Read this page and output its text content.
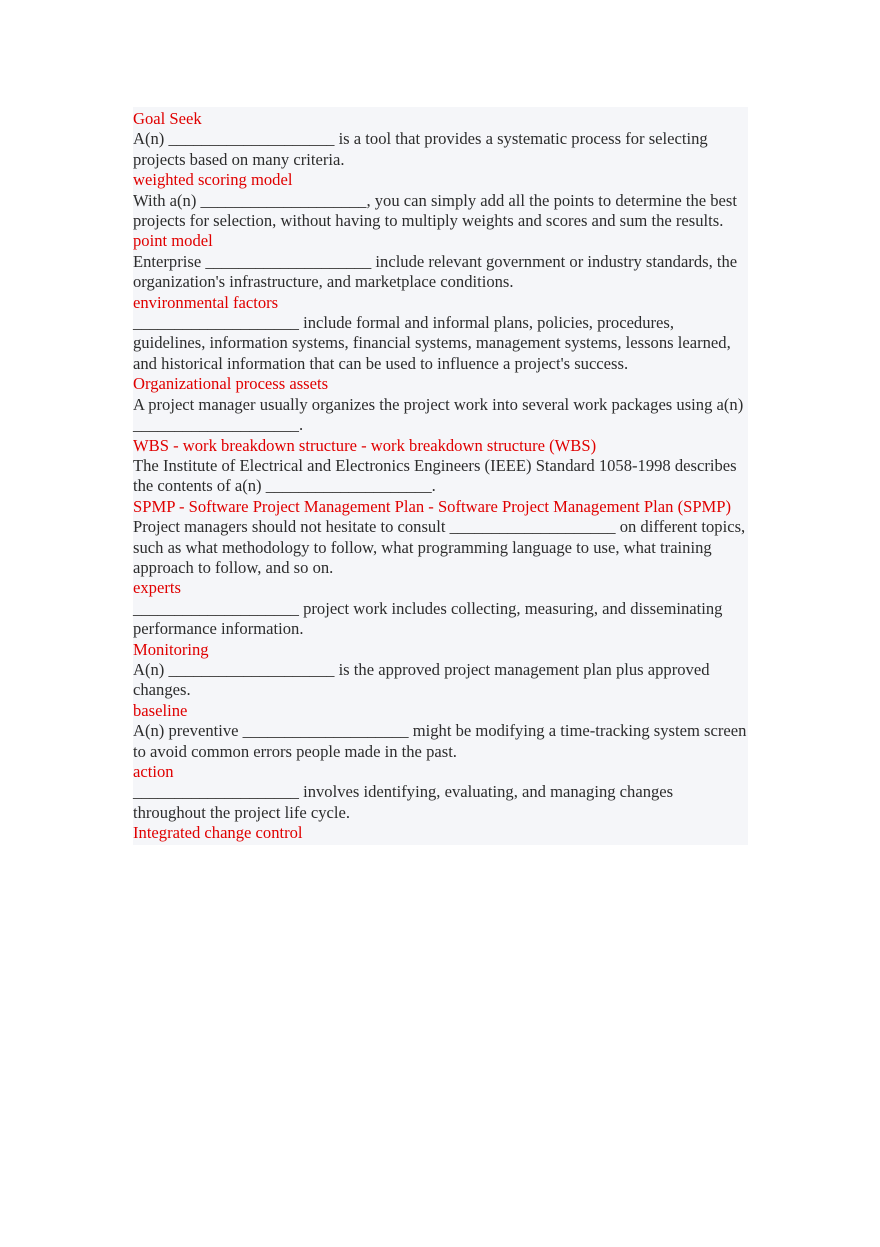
Goal Seek
A(n) ____________________ is a tool that provides a systematic process for selecting projects based on many criteria.
weighted scoring model
With a(n) ____________________, you can simply add all the points to determine the best projects for selection, without having to multiply weights and scores and sum the results.
point model
Enterprise ____________________ include relevant government or industry standards, the organization's infrastructure, and marketplace conditions.
environmental factors
____________________ include formal and informal plans, policies, procedures, guidelines, information systems, financial systems, management systems, lessons learned, and historical information that can be used to influence a project's success.
Organizational process assets
A project manager usually organizes the project work into several work packages using a(n) ____________________.
WBS - work breakdown structure - work breakdown structure (WBS)
The Institute of Electrical and Electronics Engineers (IEEE) Standard 1058-1998 describes the contents of a(n) ____________________.
SPMP - Software Project Management Plan - Software Project Management Plan (SPMP)
Project managers should not hesitate to consult ____________________ on different topics, such as what methodology to follow, what programming language to use, what training approach to follow, and so on.
experts
____________________ project work includes collecting, measuring, and disseminating performance information.
Monitoring
A(n) ____________________ is the approved project management plan plus approved changes.
baseline
A(n) preventive ____________________ might be modifying a time-tracking system screen to avoid common errors people made in the past.
action
____________________ involves identifying, evaluating, and managing changes throughout the project life cycle.
Integrated change control
